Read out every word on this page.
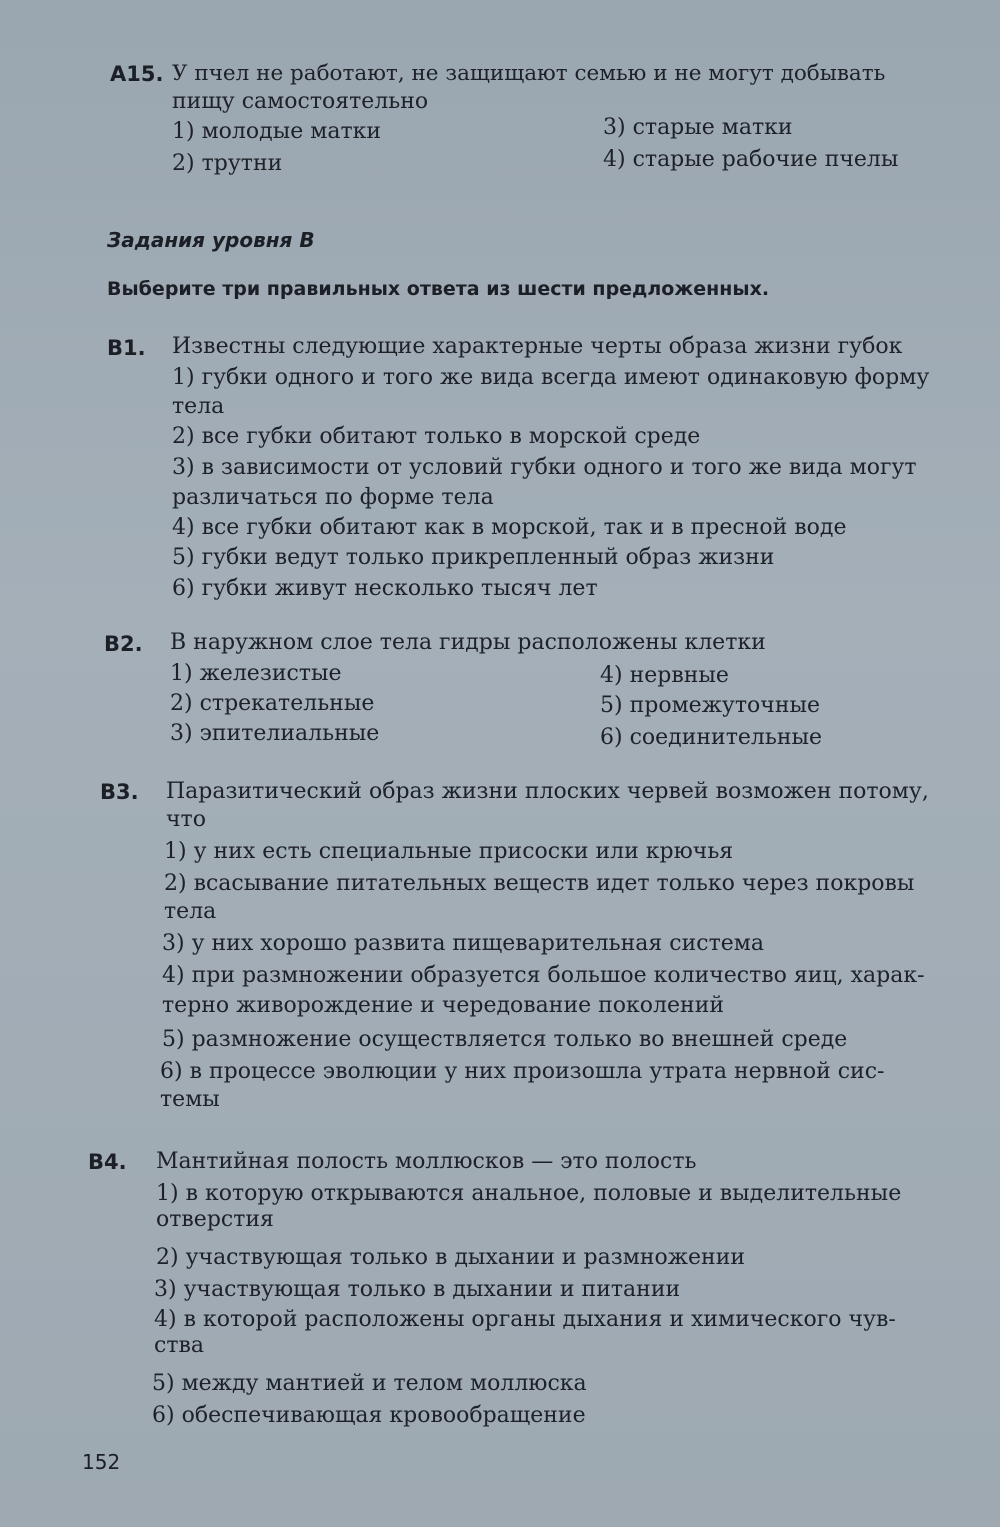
A15. У пчел не работают, не защищают семью и не могут добывать
пищу самостоятельно
1) молодые матки
2) трутни
3) старые матки
4) старые рабочие пчелы
Задания уровня В
Выберите три правильных ответа из шести предложенных.
В1. Известны следующие характерные черты образа жизни губок
1) губки одного и того же вида всегда имеют одинаковую форму
тела
2) все губки обитают только в морской среде
3) в зависимости от условий губки одного и того же вида могут
различаться по форме тела
4) все губки обитают как в морской, так и в пресной воде
5) губки ведут только прикрепленный образ жизни
6) губки живут несколько тысяч лет
В2. В наружном слое тела гидры расположены клетки
1) железистые
2) стрекательные
3) эпителиальные
4) нервные
5) промежуточные
6) соединительные
В3. Паразитический образ жизни плоских червей возможен потому,
что
1) у них есть специальные присоски или крючья
2) всасывание питательных веществ идет только через покровы
тела
3) у них хорошо развита пищеварительная система
4) при размножении образуется большое количество яиц, харак-
терно живорождение и чередование поколений
5) размножение осуществляется только во внешней среде
6) в процессе эволюции у них произошла утрата нервной сис-
темы
В4. Мантийная полость моллюсков — это полость
1) в которую открываются анальное, половые и выделительные
отверстия
2) участвующая только в дыхании и размножении
3) участвующая только в дыхании и питании
4) в которой расположены органы дыхания и химического чув-
ства
5) между мантией и телом моллюска
6) обеспечивающая кровообращение
152
